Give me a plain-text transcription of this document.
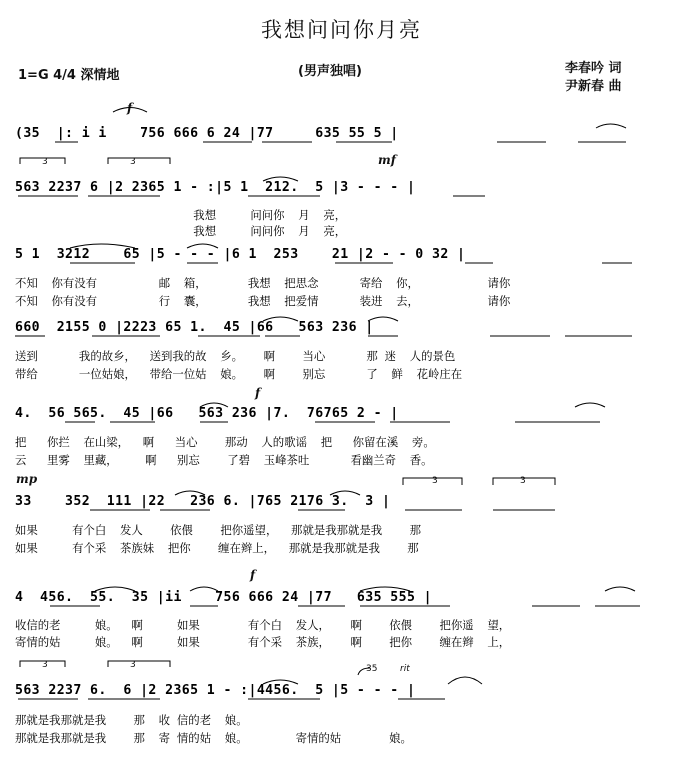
我想问问你月亮
1=G 4/4 深情地	(男声独唱)	李春吟 词
尹新春 曲
f
mf
f
mp
f
3	3
3	3
3	3	35	rit
(35  |: i i    756 666 6 24 |77     635 55 5 |
563 2237 6 |2 2365 1 - :|5 1  212.  5 |3 - - - |
我想     问问你  月  亮，
我想     问问你  月  亮，
5 1  3212    65 |5 - - - |6 1  253    21 |2 - - 0 32 |
不知  你有没有         邮  箱，      我想  把思念      寄给  你，          请你
不知  你有没有         行  囊，      我想  把爱情      装进  去，          请你
660  2155 0 |2223 65 1.  45 |66   563 236 |
送到      我的故乡，  送到我的故  乡。   啊    当心      那 迷  人的景色
带给      一位姑娘，  带给一位姑  娘。   啊    别忘      了  鲜  花岭庄在
4.  56 565.  45 |66   563 236 |7.  76765 2 - |
把   你拦  在山梁，  啊   当心    那动  人的歌谣  把   你留在溪  旁。
云   里雾  里藏，    啊   别忘    了碧  玉峰茶吐      看幽兰奇  香。
33    352  111 |22   236 6. |765 2176 3.  3 |
如果     有个白  发人    依偎    把你遥望，  那就是我那就是我    那
如果     有个采  茶族妹  把你    缠在辫上，  那就是我那就是我    那
4  456.  55.  35 |ii    756 666 24 |77   635 555 |
收信的老     娘。  啊     如果       有个白  发人，   啊    依偎    把你遥  望，
寄情的姑     娘。  啊     如果       有个采  茶族，   啊    把你    缠在辫  上，
563 2237 6.  6 |2 2365 1 - :|4456.  5 |5 - - - |
那就是我那就是我    那  收 信的老  娘。
那就是我那就是我    那  寄 情的姑  娘。       寄情的姑       娘。
